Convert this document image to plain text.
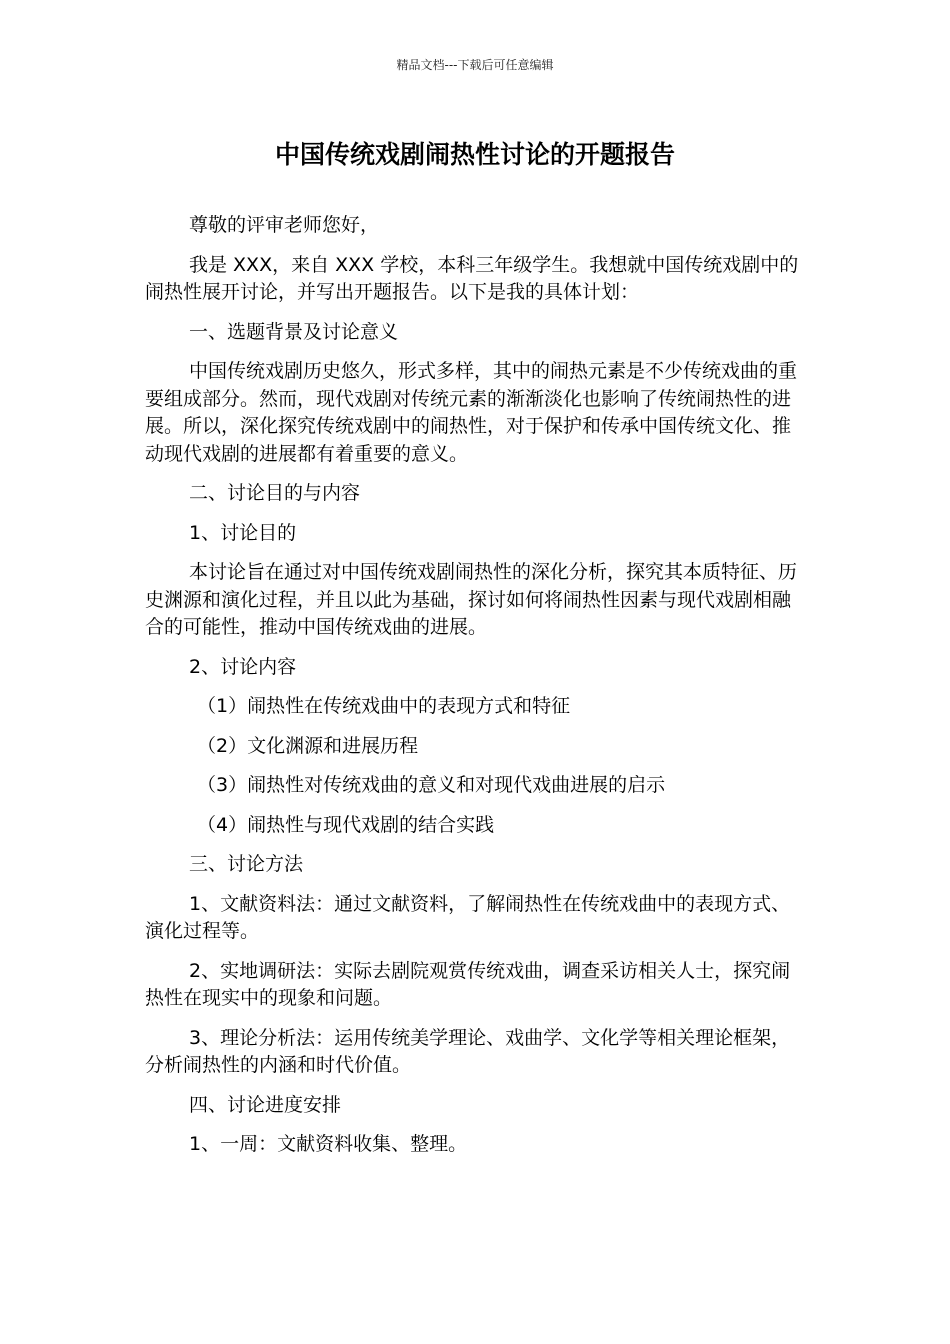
精品文档---下载后可任意编辑
中国传统戏剧闹热性讨论的开题报告

尊敬的评审老师您好，

我是 XXX，来自 XXX 学校，本科三年级学生。我想就中国传统戏剧中的闹热性展开讨论，并写出开题报告。以下是我的具体计划：

一、选题背景及讨论意义

中国传统戏剧历史悠久，形式多样，其中的闹热元素是不少传统戏曲的重要组成部分。然而，现代戏剧对传统元素的渐渐淡化也影响了传统闹热性的进展。所以，深化探究传统戏剧中的闹热性，对于保护和传承中国传统文化、推动现代戏剧的进展都有着重要的意义。

二、讨论目的与内容

1、讨论目的

本讨论旨在通过对中国传统戏剧闹热性的深化分析，探究其本质特征、历史渊源和演化过程，并且以此为基础，探讨如何将闹热性因素与现代戏剧相融合的可能性，推动中国传统戏曲的进展。

2、讨论内容

（1）闹热性在传统戏曲中的表现方式和特征

（2）文化渊源和进展历程

（3）闹热性对传统戏曲的意义和对现代戏曲进展的启示

（4）闹热性与现代戏剧的结合实践

三、讨论方法

1、文献资料法：通过文献资料，了解闹热性在传统戏曲中的表现方式、演化过程等。

2、实地调研法：实际去剧院观赏传统戏曲，调查采访相关人士，探究闹热性在现实中的现象和问题。

3、理论分析法：运用传统美学理论、戏曲学、文化学等相关理论框架，分析闹热性的内涵和时代价值。

四、讨论进度安排

1、一周：文献资料收集、整理。
